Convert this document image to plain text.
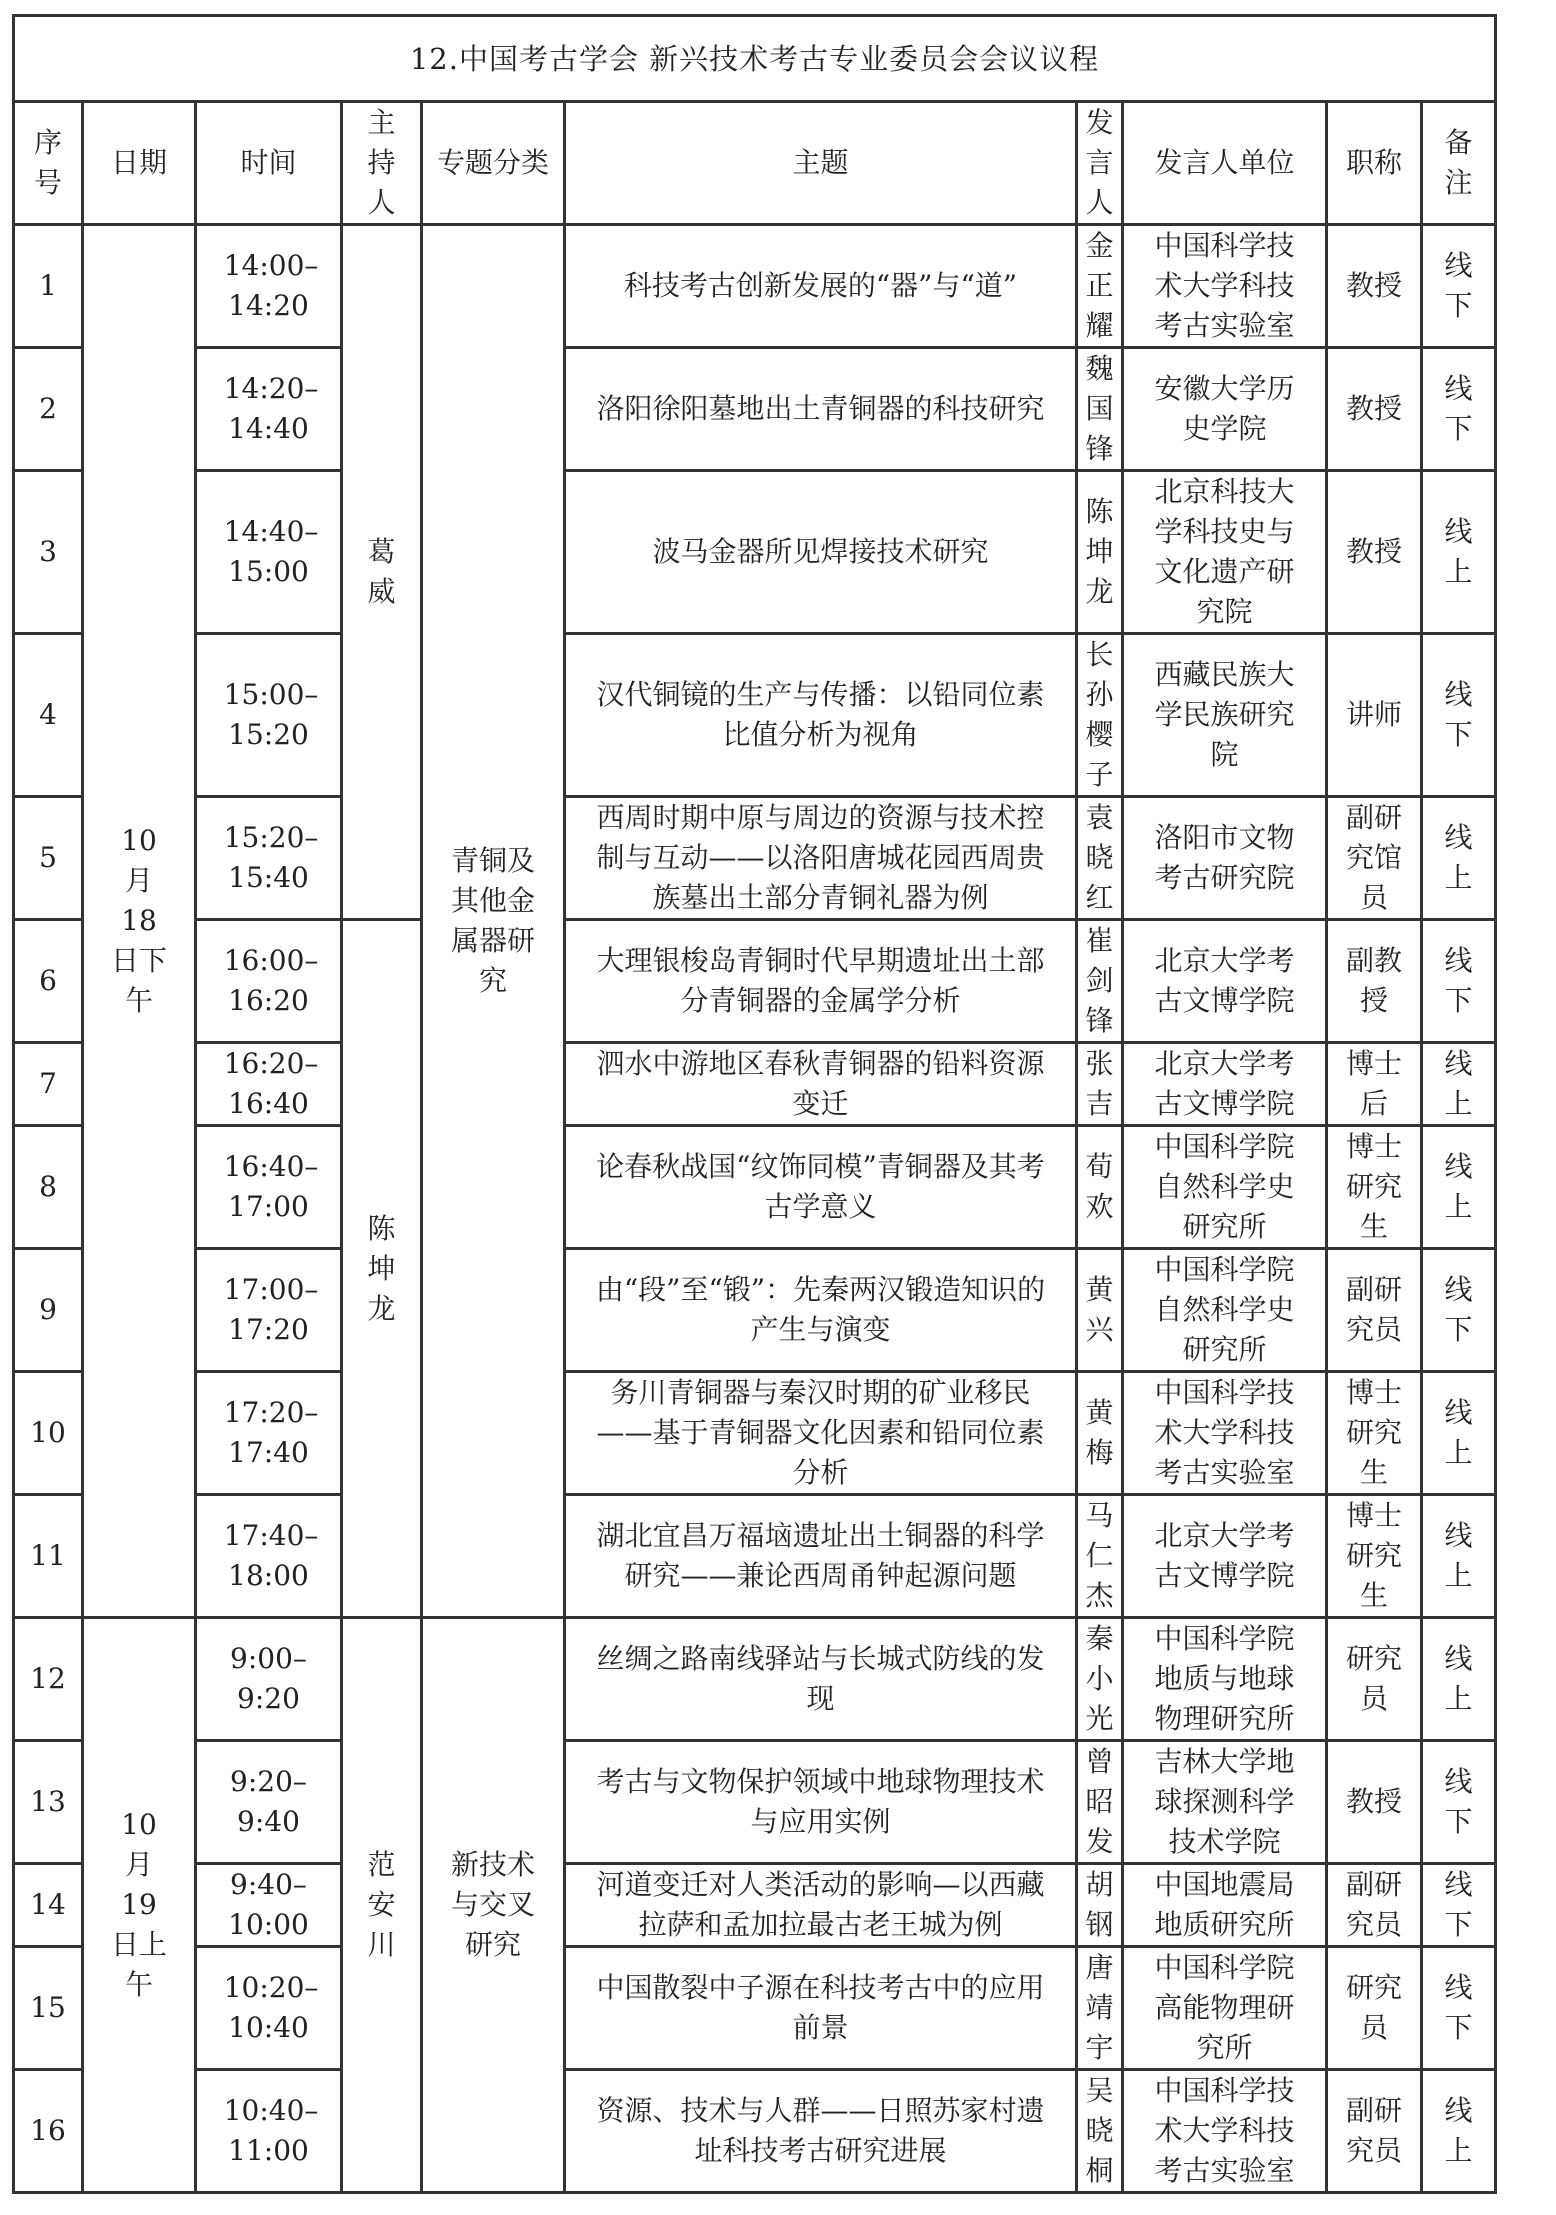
12.中国考古学会 新兴技术考古专业委员会会议议程									
序号	日期	时间	主持人	专题分类	主题	发言人	发言人单位	职称	备注
1	10月18日下午	14:00–14:20	葛威	青铜及其他金属器研究	科技考古创新发展的“器”与“道”	金正耀	中国科学技术大学科技考古实验室	教授	线下
2		14:20–14:40			洛阳徐阳墓地出土青铜器的科技研究	魏国锋	安徽大学历史学院	教授	线下
3		14:40–15:00			波马金器所见焊接技术研究	陈坤龙	北京科技大学科技史与文化遗产研究院	教授	线上
4		15:00–15:20			汉代铜镜的生产与传播：以铅同位素比值分析为视角	长孙樱子	西藏民族大学民族研究院	讲师	线下
5		15:20–15:40			西周时期中原与周边的资源与技术控制与互动——以洛阳唐城花园西周贵族墓出土部分青铜礼器为例	袁晓红	洛阳市文物考古研究院	副研究馆员	线上
6		16:00–16:20	陈坤龙		大理银梭岛青铜时代早期遗址出土部分青铜器的金属学分析	崔剑锋	北京大学考古文博学院	副教授	线下
7		16:20–16:40			泗水中游地区春秋青铜器的铅料资源变迁	张吉	北京大学考古文博学院	博士后	线上
8		16:40–17:00			论春秋战国“纹饰同模”青铜器及其考古学意义	荀欢	中国科学院自然科学史研究所	博士研究生	线上
9		17:00–17:20			由“段”至“锻”：先秦两汉锻造知识的产生与演变	黄兴	中国科学院自然科学史研究所	副研究员	线下
10		17:20–17:40			务川青铜器与秦汉时期的矿业移民——基于青铜器文化因素和铅同位素分析	黄梅	中国科学技术大学科技考古实验室	博士研究生	线上
11		17:40–18:00			湖北宜昌万福垴遗址出土铜器的科学研究——兼论西周甬钟起源问题	马仁杰	北京大学考古文博学院	博士研究生	线上
12	10月19日上午	9:00–9:20	范安川	新技术与交叉研究	丝绸之路南线驿站与长城式防线的发现	秦小光	中国科学院地质与地球物理研究所	研究员	线上
13		9:20–9:40			考古与文物保护领域中地球物理技术与应用实例	曾昭发	吉林大学地球探测科学技术学院	教授	线下
14		9:40–10:00			河道变迁对人类活动的影响—以西藏拉萨和孟加拉最古老王城为例	胡钢	中国地震局地质研究所	副研究员	线下
15		10:20–10:40			中国散裂中子源在科技考古中的应用前景	唐靖宇	中国科学院高能物理研究所	研究员	线下
16		10:40–11:00			资源、技术与人群——日照苏家村遗址科技考古研究进展	吴晓桐	中国科学技术大学科技考古实验室	副研究员	线上
